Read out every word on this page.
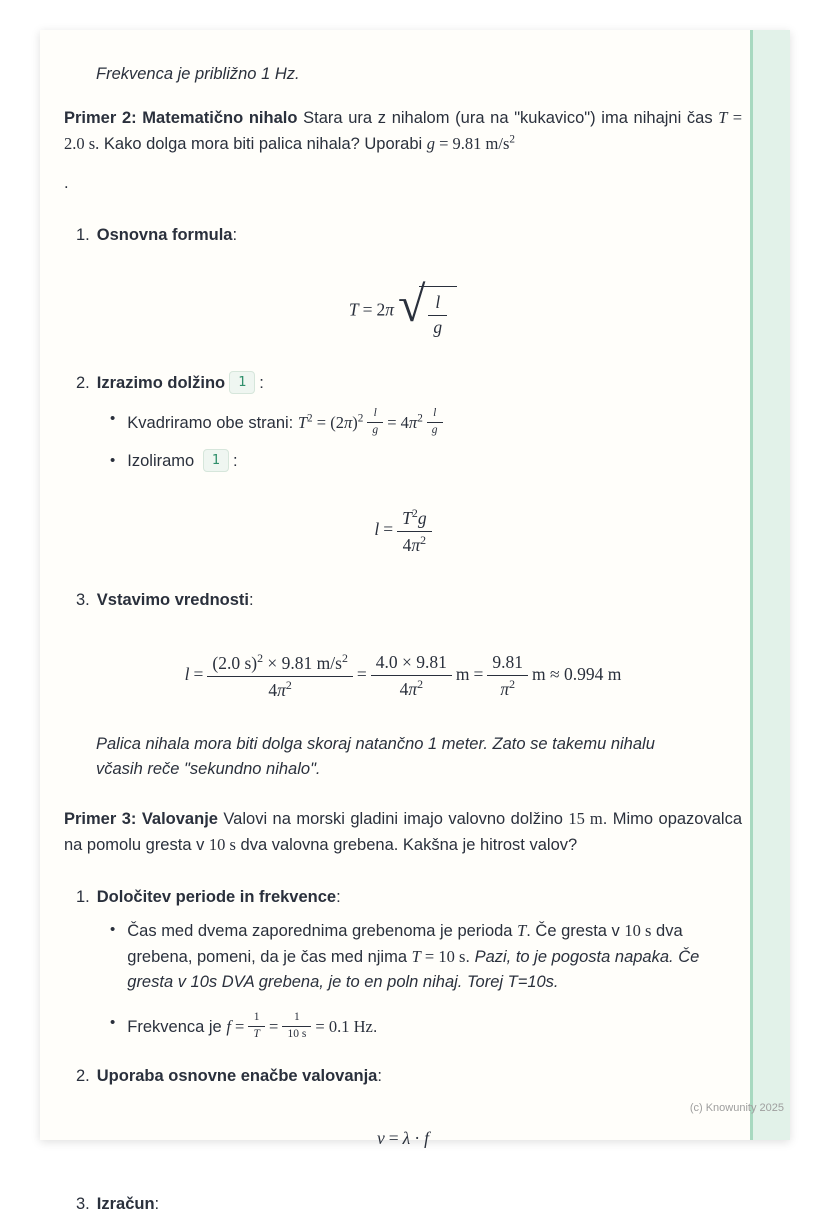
(c) Knowunity 2025
Frekvenca je približno 1 Hz.

Primer 2: Matematično nihalo Stara ura z nihalom (ura na "kukavico") ima nihajni čas T = 2.0 s. Kako dolga mora biti palica nihala? Uporabi g = 9.81 $m/s^2$

.

1. Osnovna formula:
T = 2π √ $\frac{l}{g}$
2. Izrazimo dolžino 1 :
• Kvadriramo obe strani: $T^2 = (2\pi)^2 \frac{l}{g} = 4\pi^2 \frac{l}{g}$
• Izoliramo 1 :
$l = \frac{T^2g}{4\pi^2}$
3. Vstavimo vrednosti:
$l = \frac{(2.0 s)^2 \times 9.81 m/s^2}{4\pi^2} = \frac{4.0 \times 9.81}{4\pi^2}$ $m = \frac{9.81}{\pi^2}$ m ≈ 0.994 m
Palica nihala mora biti dolga skoraj natančno 1 meter. Zato se takemu nihalu včasih reče "sekundno nihalo".

Primer 3: Valovanje Valovi na morski gladini imajo valovno dolžino 15 m. Mimo opazovalca na pomolu gresta v 10 s dva valovna grebena. Kakšna je hitrost valov?

1. Določitev periode in frekvence:
• Čas med dvema zaporednima grebenoma je perioda T. Če gresta v 10 s dva grebena, pomeni, da je čas med njima T = 10 s. Pazi, to je pogosta napaka. Če gresta v 10s DVA grebena, je to en poln nihaj. Torej T=10s.
• Frekvenca je $f = \frac{1}{T} = \frac{1}{10 s} = 0.1$ Hz.
2. Uporaba osnovne enačbe valovanja:
v = λ · f
3. Izračun:
